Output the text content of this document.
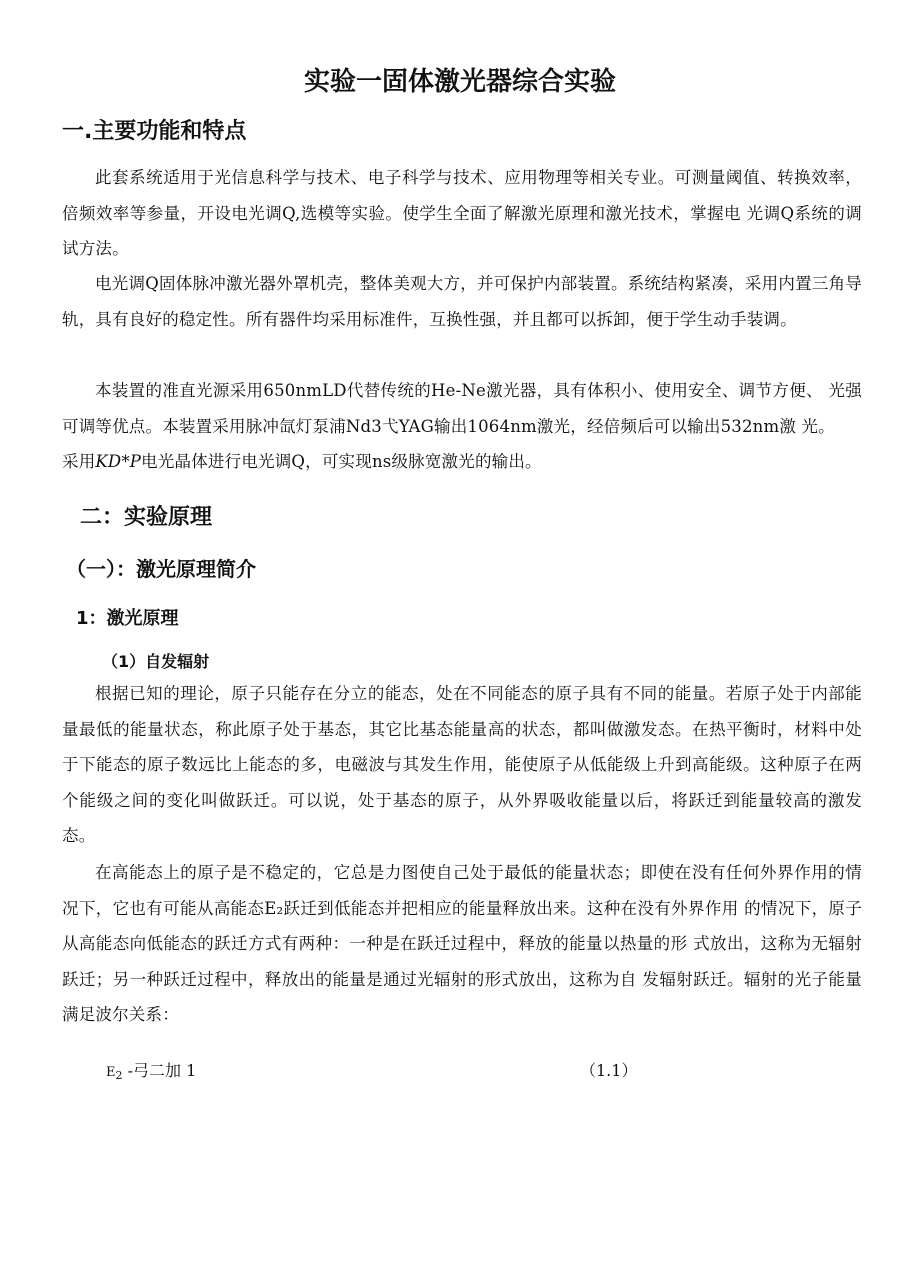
实验一固体激光器综合实验
一.主要功能和特点

此套系统适用于光信息科学与技术、电子科学与技术、应用物理等相关专业。可测量阈值、转换效率，倍频效率等参量，开设电光调Q,选模等实验。使学生全面了解激光原理和激光技术，掌握电 光调Q系统的调试方法。

电光调Q固体脉冲激光器外罩机壳，整体美观大方，并可保护内部装置。系统结构紧凑，采用内置三角导轨，具有良好的稳定性。所有器件均采用标准件，互换性强，并且都可以拆卸，便于学生动手装调。

本装置的准直光源采用650nmLD代替传统的He-Ne激光器，具有体积小、使用安全、调节方便、 光强可调等优点。本装置采用脉冲氙灯泵浦Nd3弋YAG输出1064nm激光，经倍频后可以输出532nm激 光。

采用KD*P电光晶体进行电光调Q，可实现ns级脉宽激光的输出。

二：实验原理
（一）：激光原理简介
1：激光原理
（1）自发辐射

根据已知的理论，原子只能存在分立的能态，处在不同能态的原子具有不同的能量。若原子处于内部能量最低的能量状态，称此原子处于基态，其它比基态能量高的状态，都叫做激发态。在热平衡时，材料中处于下能态的原子数远比上能态的多，电磁波与其发生作用，能使原子从低能级上升到高能级。这种原子在两个能级之间的变化叫做跃迁。可以说，处于基态的原子，从外界吸收能量以后，将跃迁到能量较高的激发态。

在高能态上的原子是不稳定的，它总是力图使自己处于最低的能量状态；即使在没有任何外界作用的情况下，它也有可能从高能态E₂跃迁到低能态并把相应的能量释放出来。这种在没有外界作用 的情况下，原子从高能态向低能态的跃迁方式有两种：一种是在跃迁过程中，释放的能量以热量的形 式放出，这称为无辐射跃迁；另一种跃迁过程中，释放出的能量是通过光辐射的形式放出，这称为自 发辐射跃迁。辐射的光子能量满足波尔关系：

$E_2$ -弓二加 1	（1.1）
